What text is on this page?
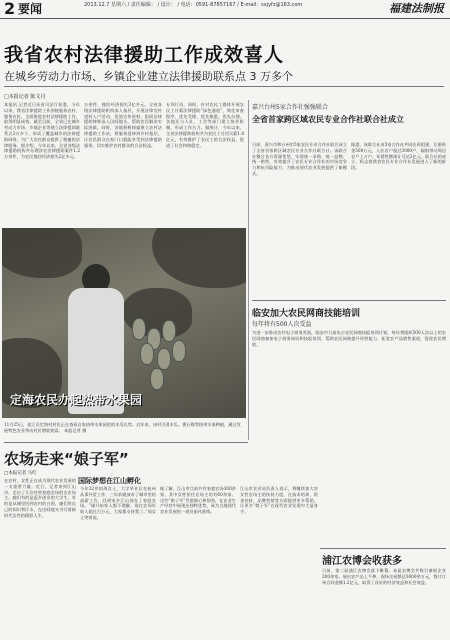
2 要闻	2013.12.7 星期六 / 责任编辑： / 设计： / 电话：0591-87857167 / E-mail：sxjyfz@163.com	福建法制报
我省农村法律援助工作成效喜人
在城乡劳动力市场、乡镇企业建立法律援助联系点 3 万多个
□本报记者 陈文丹
本报讯 记者近日从省司法厅获悉，今年以来，我省法律援助工作围绕服务农村、服务农民，全面推进农村法律援助工作，取得明显成效。截至目前，全省已在城乡劳动力市场、乡镇企业等建立法律援助联系点3万多个，形成了覆盖城乡的法律援助网络，为广大农民群众提供了便捷的法律服务。据介绍，今年以来，全省各级法律援助机构共办理涉农法律援助案件1.2万余件，为农民挽回经济损失2亿多元。
万余件，挽回经济损失3亿多元。全省各级法律援助机构深入基层，开展法律宣传进村入户活动，发放宣传资料，组织法律援助律师深入田间地头，帮助农民解决实际困难。同时，各地积极探索建立农村法律援助工作站，将服务延伸到乡村基层，让农民群众在家门口就能享受到法律援助服务，切实维护农村群众的合法权益。
专项行动，同时，针对农民工群体开展农民工讨薪法律援助“绿色通道”，简化审查程序，优先受理、优先指派、优先办理。各地还与人社、工会等部门建立协作机制，形成工作合力。据统计，今年以来，全省法律援助机构共为农民工讨回欠薪1.8亿元，有效维护了农民工的合法权益，促进了社会和谐稳定。
定海农民办起热带水果园
11月25日，连江县定海村村民正在查看自家热带水果园里的木瓜长势。近年来，该村引进木瓜、番石榴等热带水果种植，通过发展特色农业带动村民增收致富。 本报记者 摄
嘉兴台州5家合作社强强联合
全省首家跨区域农民专业合作社联合社成立
日前，嘉兴市和台州市5家农民专业合作社联合成立了全省首家跨区域农民专业合作社联合社。该联合社整合各方资源优势，实现统一采购、统一品牌、统一销售，有效提升了农民专业合作社的市场竞争力和抗风险能力，为推动现代农业发展提供了新模式。
据悉，该联合社由5家合作社共同出资组建，注册资金500万元，入社农户超过3000户，辐射带动周边农户上万户，年销售额预计可达2亿元。联合社的成立，标志着我省农民专业合作社发展进入了新的阶段。
临安加大农民网商技能培训
每年将有500人次受益
为进一步推动农村电子商务发展，临安市日前出台农民网商技能培训计划，每年将组织500人次以上的农民网商参加电子商务知识和技能培训，帮助农民网商提升经营能力，拓宽农产品销售渠道，促进农民增收。
浦江农博会收获多
日前，第三届浦江农博会落下帷幕。本届农博会共吸引参展企业200余家，展出农产品上千种，现场交易额达3000余万元，签订订单合同金额1.2亿元，取得了良好的经济效益和社会效益。
农场走来“娘子军”
□本报记者 马红
国际梦想在江山孵化
在农村，女性正在成为现代农业发展的一支重要力量。近日，记者来到江山市，走访了几位经营家庭农场的女农场主。她们有的是返乡创业的大学生，有的是从城里回到农村的白领，她们用自己的知识和汗水，在田间地头书写着新时代女性的精彩人生。
今年32岁的周女士，大学毕业后在杭州从事外贸工作，三年前她放弃了城市里的高薪工作，回到家乡江山创办了家庭农场。“刚开始家人都不理解，现在农场年收入超过百万元，大家都支持我了。”周女士笑着说。
据了解，江山市目前共有家庭农场300余家，其中女性担任农场主的有60余家。这些“娘子军”凭借细心和韧劲，在农业生产经营中展现出独特优势，成为当地现代农业发展的一道亮丽风景线。
江山市农业局负责人表示，将继续加大对女性农场主的扶持力度，在技术培训、资金扶持、品牌营销等方面提供更多帮助，让更多“娘子军”在现代农业发展中大显身手。
